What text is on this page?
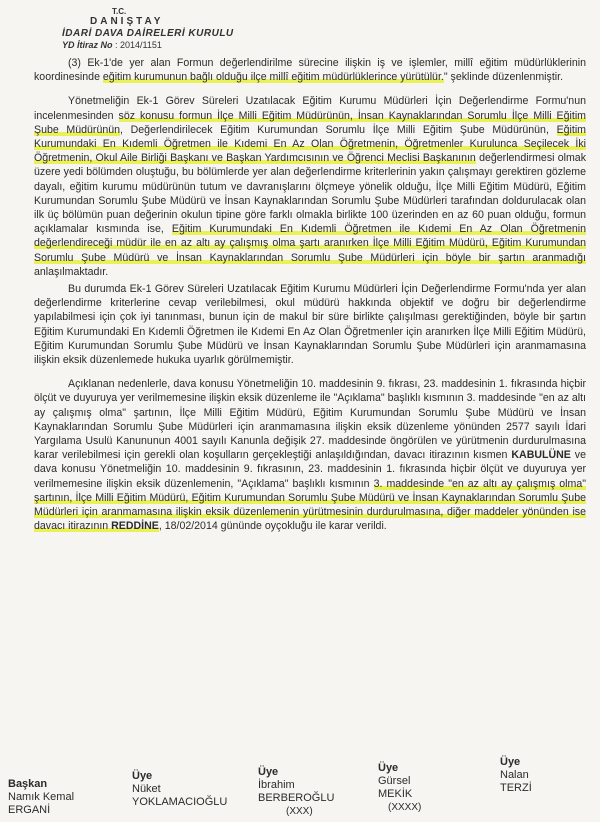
T.C.
DANIŞTAY
İDARİ DAVA DAİRELERİ KURULU
YD İtiraz No : 2014/1151

(3) Ek-1'de yer alan Formun değerlendirilme sürecine ilişkin iş ve işlemler, millî eğitim müdürlüklerinin koordinesinde eğitim kurumunun bağlı olduğu ilçe millî eğitim müdürlüklerince yürütülür." şeklinde düzenlenmiştir.

Yönetmeliğin Ek-1 Görev Süreleri Uzatılacak Eğitim Kurumu Müdürleri İçin Değerlendirme Formu'nun incelenmesinden söz konusu formun İlçe Milli Eğitim Müdürünün, İnsan Kaynaklarından Sorumlu İlçe Milli Eğitim Şube Müdürünün, Değerlendirilecek Eğitim Kurumundan Sorumlu İlçe Milli Eğitim Şube Müdürünün, Eğitim Kurumundaki En Kıdemli Öğretmen ile Kıdemi En Az Olan Öğretmenin, Öğretmenler Kurulunca Seçilecek İki Öğretmenin, Okul Aile Birliği Başkanı ve Başkan Yardımcısının ve Öğrenci Meclisi Başkanının değerlendirmesi olmak üzere yedi bölümden oluştuğu, bu bölümlerde yer alan değerlendirme kriterlerinin yakın çalışmayı gerektiren gözleme dayalı, eğitim kurumu müdürünün tutum ve davranışlarını ölçmeye yönelik olduğu, İlçe Milli Eğitim Müdürü, Eğitim Kurumundan Sorumlu Şube Müdürü ve İnsan Kaynaklarından Sorumlu Şube Müdürleri tarafından doldurulacak olan ilk üç bölümün puan değerinin okulun tipine göre farklı olmakla birlikte 100 üzerinden en az 60 puan olduğu, formun açıklamalar kısmında ise, Eğitim Kurumundaki En Kıdemli Öğretmen ile Kıdemi En Az Olan Öğretmenin değerlendireceği müdür ile en az altı ay çalışmış olma şartı aranırken İlçe Milli Eğitim Müdürü, Eğitim Kurumundan Sorumlu Şube Müdürü ve İnsan Kaynaklarından Sorumlu Şube Müdürleri için böyle bir şartın aranmadığı anlaşılmaktadır.

Bu durumda Ek-1 Görev Süreleri Uzatılacak Eğitim Kurumu Müdürleri İçin Değerlendirme Formu'nda yer alan değerlendirme kriterlerine cevap verilebilmesi, okul müdürü hakkında objektif ve doğru bir değerlendirme yapılabilmesi için çok iyi tanınması, bunun için de makul bir süre birlikte çalışılması gerektiğinden, böyle bir şartın Eğitim Kurumundaki En Kıdemli Öğretmen ile Kıdemi En Az Olan Öğretmenler için aranırken İlçe Milli Eğitim Müdürü, Eğitim Kurumundan Sorumlu Şube Müdürü ve İnsan Kaynaklarından Sorumlu Şube Müdürleri için aranmamasına ilişkin eksik düzenlemede hukuka uyarlık görülmemiştir.

Açıklanan nedenlerle, dava konusu Yönetmeliğin 10. maddesinin 9. fıkrası, 23. maddesinin 1. fıkrasında hiçbir ölçüt ve duyuruya yer verilmemesine ilişkin eksik düzenleme ile "Açıklama" başlıklı kısmının 3. maddesinde "en az altı ay çalışmış olma" şartının, İlçe Milli Eğitim Müdürü, Eğitim Kurumundan Sorumlu Şube Müdürü ve İnsan Kaynaklarından Sorumlu Şube Müdürleri için aranmamasına ilişkin eksik düzenleme yönünden 2577 sayılı İdari Yargılama Usulü Kanununun 4001 sayılı Kanunla değişik 27. maddesinde öngörülen ve yürütmenin durdurulmasına karar verilebilmesi için gerekli olan koşulların gerçekleştiği anlaşıldığından, davacı itirazının kısmen KABULÜNE ve dava konusu Yönetmeliğin 10. maddesinin 9. fıkrasının, 23. maddesinin 1. fıkrasında hiçbir ölçüt ve duyuruya yer verilmemesine ilişkin eksik düzenlemenin, "Açıklama" başlıklı kısmının 3. maddesinde "en az altı ay çalışmış olma" şartının, İlçe Milli Eğitim Müdürü, Eğitim Kurumundan Sorumlu Şube Müdürü ve İnsan Kaynaklarından Sorumlu Şube Müdürleri için aranmamasına ilişkin eksik düzenlemenin yürütmesinin durdurulmasına, diğer maddeler yönünden ise davacı itirazının REDDİNE, 18/02/2014 gününde oyçokluğu ile karar verildi.

Başkan
Namık Kemal
ERGANİ
Üye
Nüket
YOKLAMACIOĞLU
Üye
İbrahim
BERBEROĞLU
(XXX)
Üye
Gürsel
MEKİK
(XXXX)
Üye
Nalan
TERZİ
